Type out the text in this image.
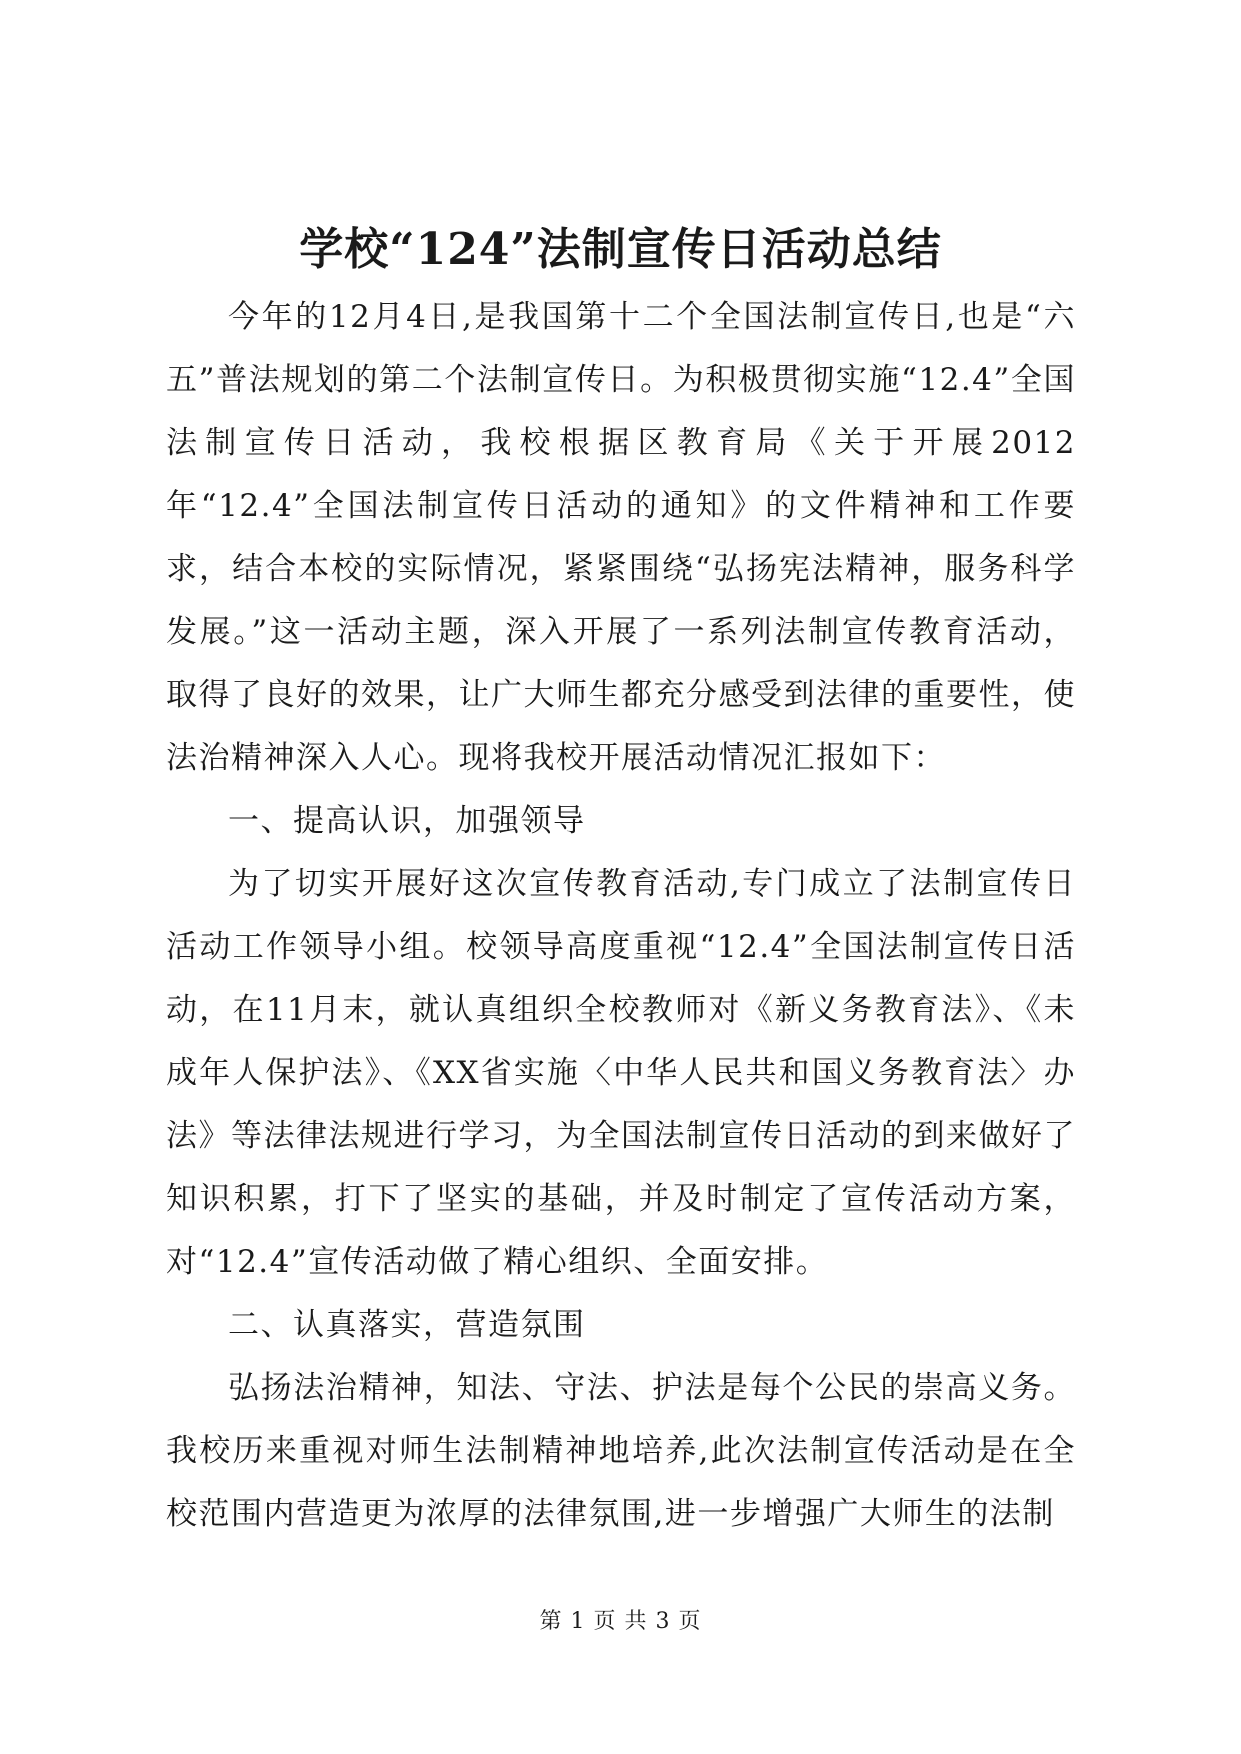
学校“124”法制宣传日活动总结

今年的12月4日,是我国第十二个全国法制宣传日,也是“六五”普法规划的第二个法制宣传日。为积极贯彻实施“12.4”全国法制宣传日活动，我校根据区教育局《关于开展2012年“12.4”全国法制宣传日活动的通知》的文件精神和工作要求，结合本校的实际情况，紧紧围绕“弘扬宪法精神，服务科学发展。”这一活动主题，深入开展了一系列法制宣传教育活动，取得了良好的效果，让广大师生都充分感受到法律的重要性，使法治精神深入人心。现将我校开展活动情况汇报如下：

一、提高认识，加强领导

为了切实开展好这次宣传教育活动,专门成立了法制宣传日活动工作领导小组。校领导高度重视“12.4”全国法制宣传日活动，在11月末，就认真组织全校教师对《新义务教育法》、《未成年人保护法》、《XX省实施〈中华人民共和国义务教育法〉办法》等法律法规进行学习，为全国法制宣传日活动的到来做好了知识积累，打下了坚实的基础，并及时制定了宣传活动方案，对“12.4”宣传活动做了精心组织、全面安排。

二、认真落实，营造氛围

弘扬法治精神，知法、守法、护法是每个公民的崇高义务。我校历来重视对师生法制精神地培养,此次法制宣传活动是在全校范围内营造更为浓厚的法律氛围,进一步增强广大师生的法制

第 1 页 共 3 页
